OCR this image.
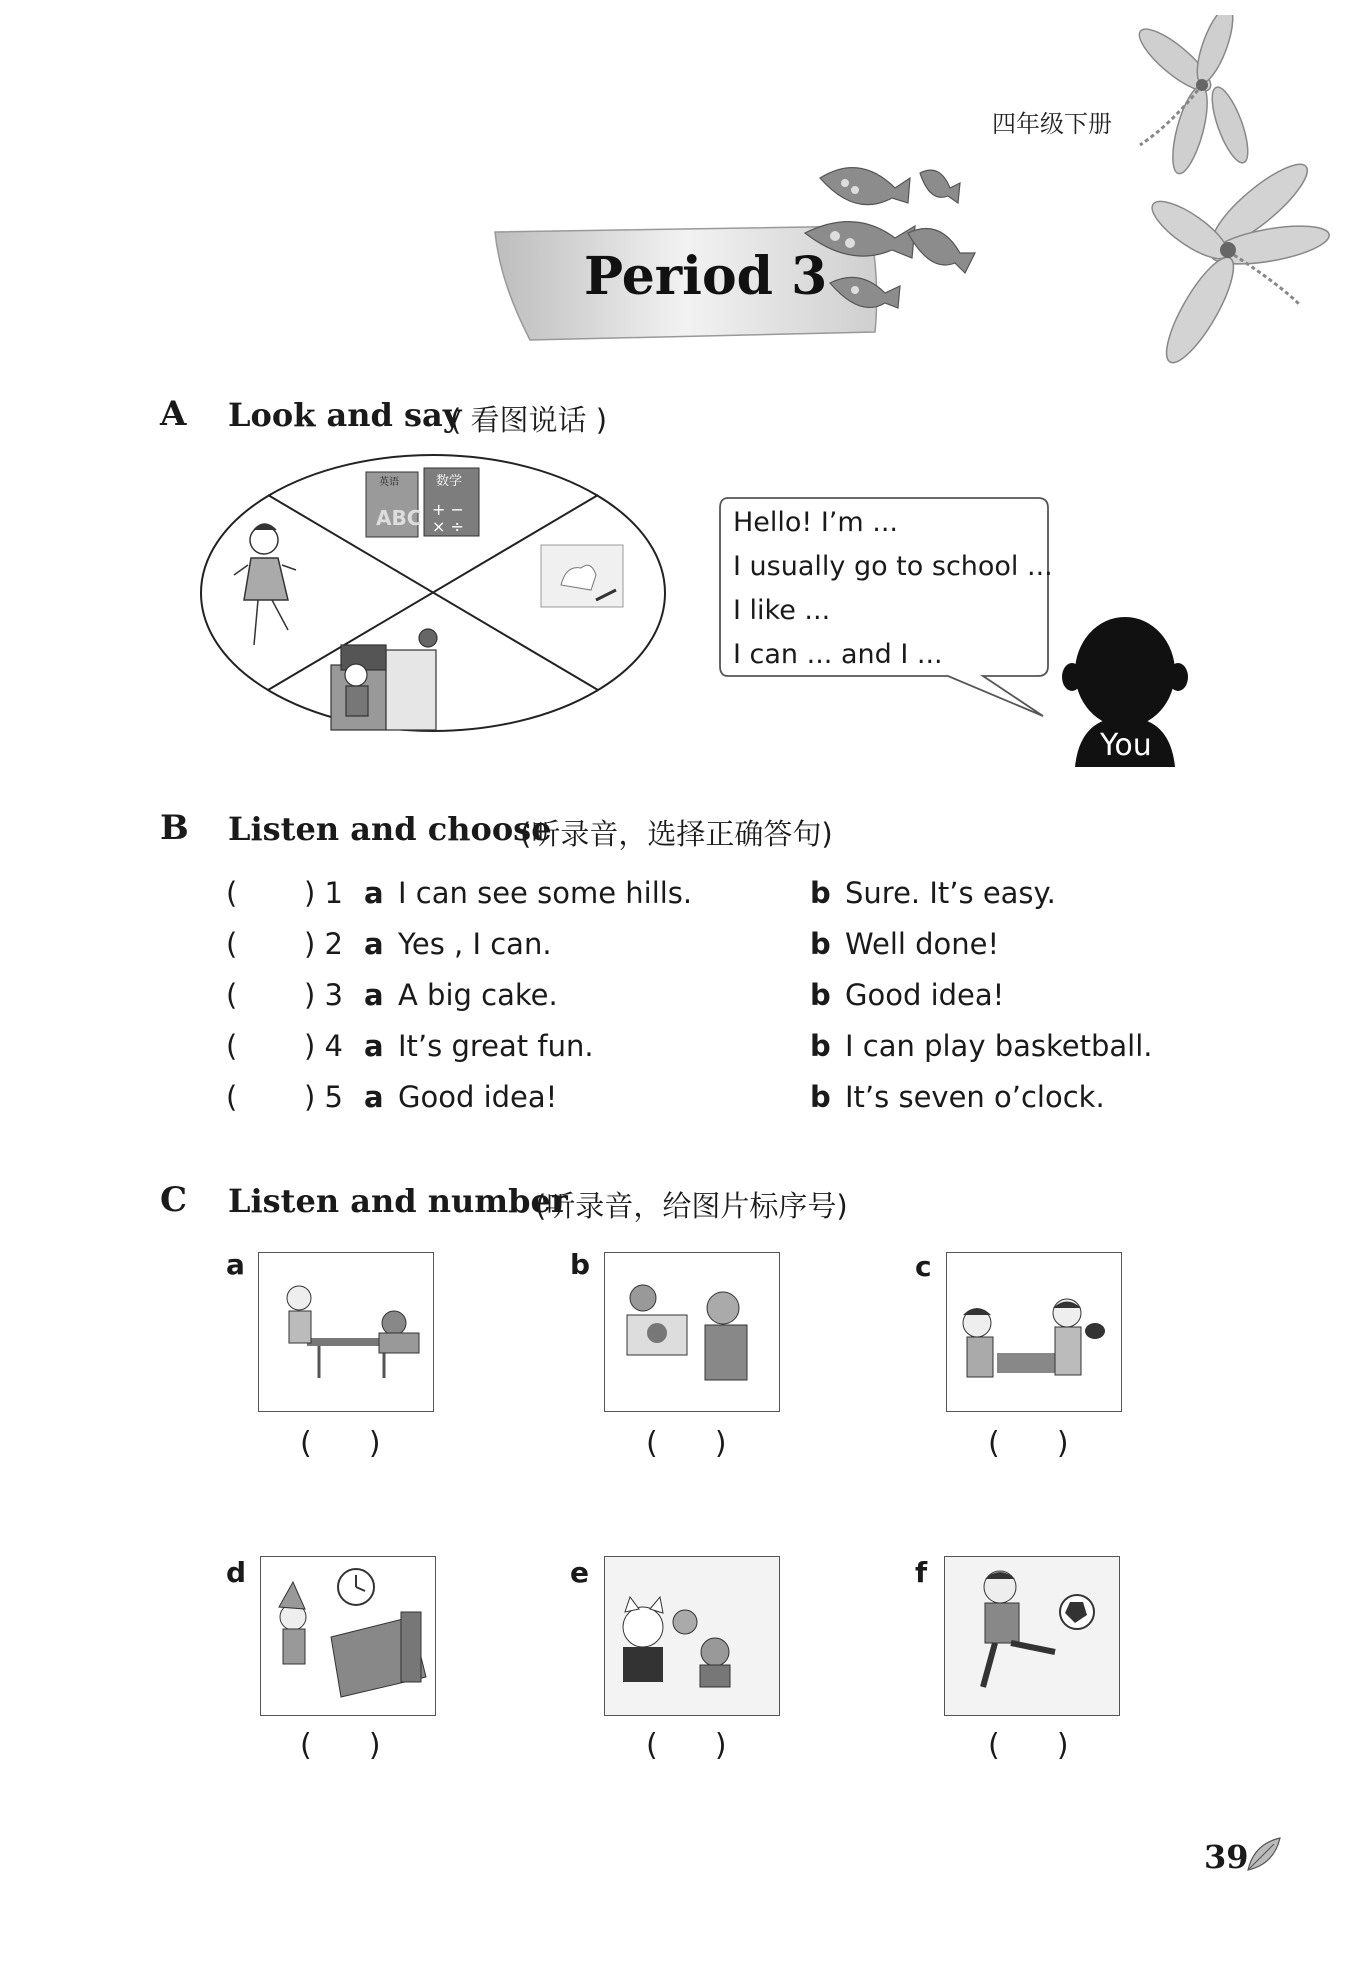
四年级下册
Period 3
A Look and say
( 看图说话 )
英语	数学
ABC + −
× ÷	Hello! I’m ...
I usually go to school ...
I like ...
I can ... and I ...
You
B Listen and choose
(听录音，选择正确答句)
( ) 1 a I can see some hills.	b Sure. It’s easy.
( ) 2 a Yes , I can.	b Well done!
( ) 3 a A big cake.	b Good idea!
( ) 4 a It’s great fun.	b I can play basketball.
( ) 5 a Good idea!	b It’s seven o’clock.
C Listen and number
(听录音，给图片标序号)
a
(      )
b
(      )
c
(      )
d
(      )
e
(      )
f
(      )
39
